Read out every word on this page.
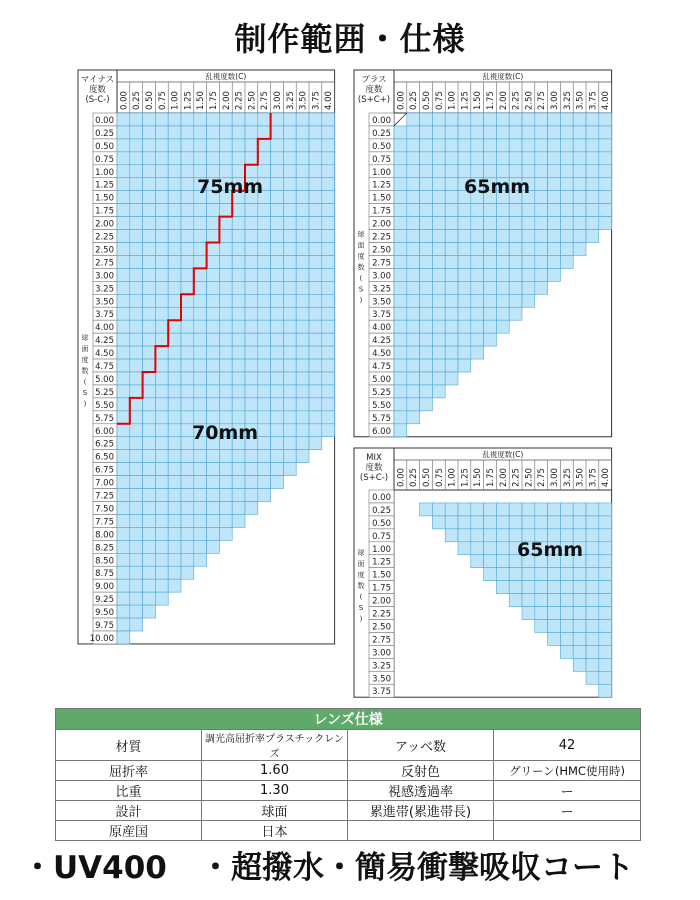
制作範囲・仕様
マイナス
度数
(S-C-)
乱視度数(C)
0.00 0.25 0.50 0.75 1.00 1.25 1.50 1.75 2.00 2.25 2.50 2.75 3.00 3.25 3.50 3.75 4.00
球
面
度
数
(
S
)
0.00
0.25
0.50
0.75
1.00
1.25
1.50
1.75
2.00
2.25
2.50
2.75
3.00
3.25
3.50
3.75
4.00
4.25
4.50
4.75
5.00
5.25
5.50
5.75
6.00
6.25
6.50
6.75
7.00
7.25
7.50
7.75
8.00
8.25
8.50
8.75
9.00
9.25
9.50
9.75
10.00
75mm
70mm
プラス
度数
(S+C+)
乱視度数(C)
0.00 0.25 0.50 0.75 1.00 1.25 1.50 1.75 2.00 2.25 2.50 2.75 3.00 3.25 3.50 3.75 4.00
球
面
度
数
(
S
)
0.00
0.25
0.50
0.75
1.00
1.25
1.50
1.75
2.00
2.25
2.50
2.75
3.00
3.25
3.50
3.75
4.00
4.25
4.50
4.75
5.00
5.25
5.50
5.75
6.00
65mm
MIX
度数
(S+C-)
乱視度数(C)
0.00 0.25 0.50 0.75 1.00 1.25 1.50 1.75 2.00 2.25 2.50 2.75 3.00 3.25 3.50 3.75 4.00
球
面
度
数
(
S
)
0.00
0.25
0.50
0.75
1.00
1.25
1.50
1.75
2.00
2.25
2.50
2.75
3.00
3.25
3.50
3.75
65mm
レンズ仕様			
材質	調光高屈折率プラスチックレンズ	アッベ数	42
屈折率	1.60	反射色	グリーン(HMC使用時)
比重	1.30	視感透過率	ー
設計	球面	累進帯(累進帯長)	ー
原産国	日本		
・UV400 ・超撥水・簡易衝撃吸収コート
